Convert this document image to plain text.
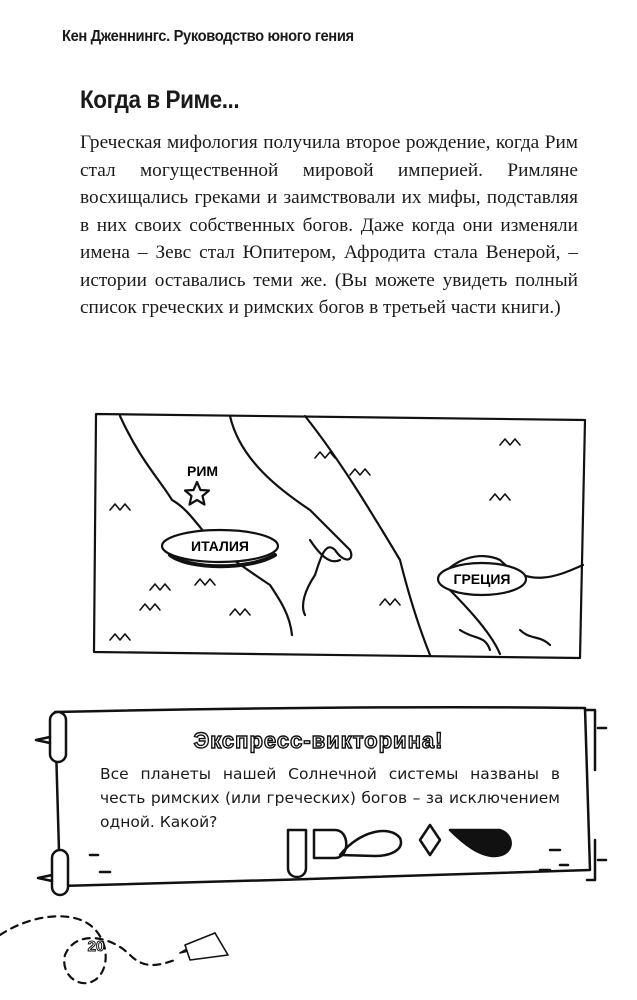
Кен Дженнингс. Руководство юного гения
Когда в Риме...
Греческая мифология получила второе рождение, когда Рим стал могущественной мировой империей. Римляне восхищались греками и заимствовали их мифы, подставляя в них своих собственных богов. Даже когда они изменяли имена – Зевс стал Юпитером, Афродита стала Венерой, – истории оставались теми же. (Вы можете увидеть полный список греческих и римских богов в третьей части книги.)
РИМ
ИТАЛИЯ
ГРЕЦИЯ
Экспресс-викторина!
Все планеты нашей Солнечной системы названы в честь римских (или греческих) богов – за исключением одной. Какой?
20
